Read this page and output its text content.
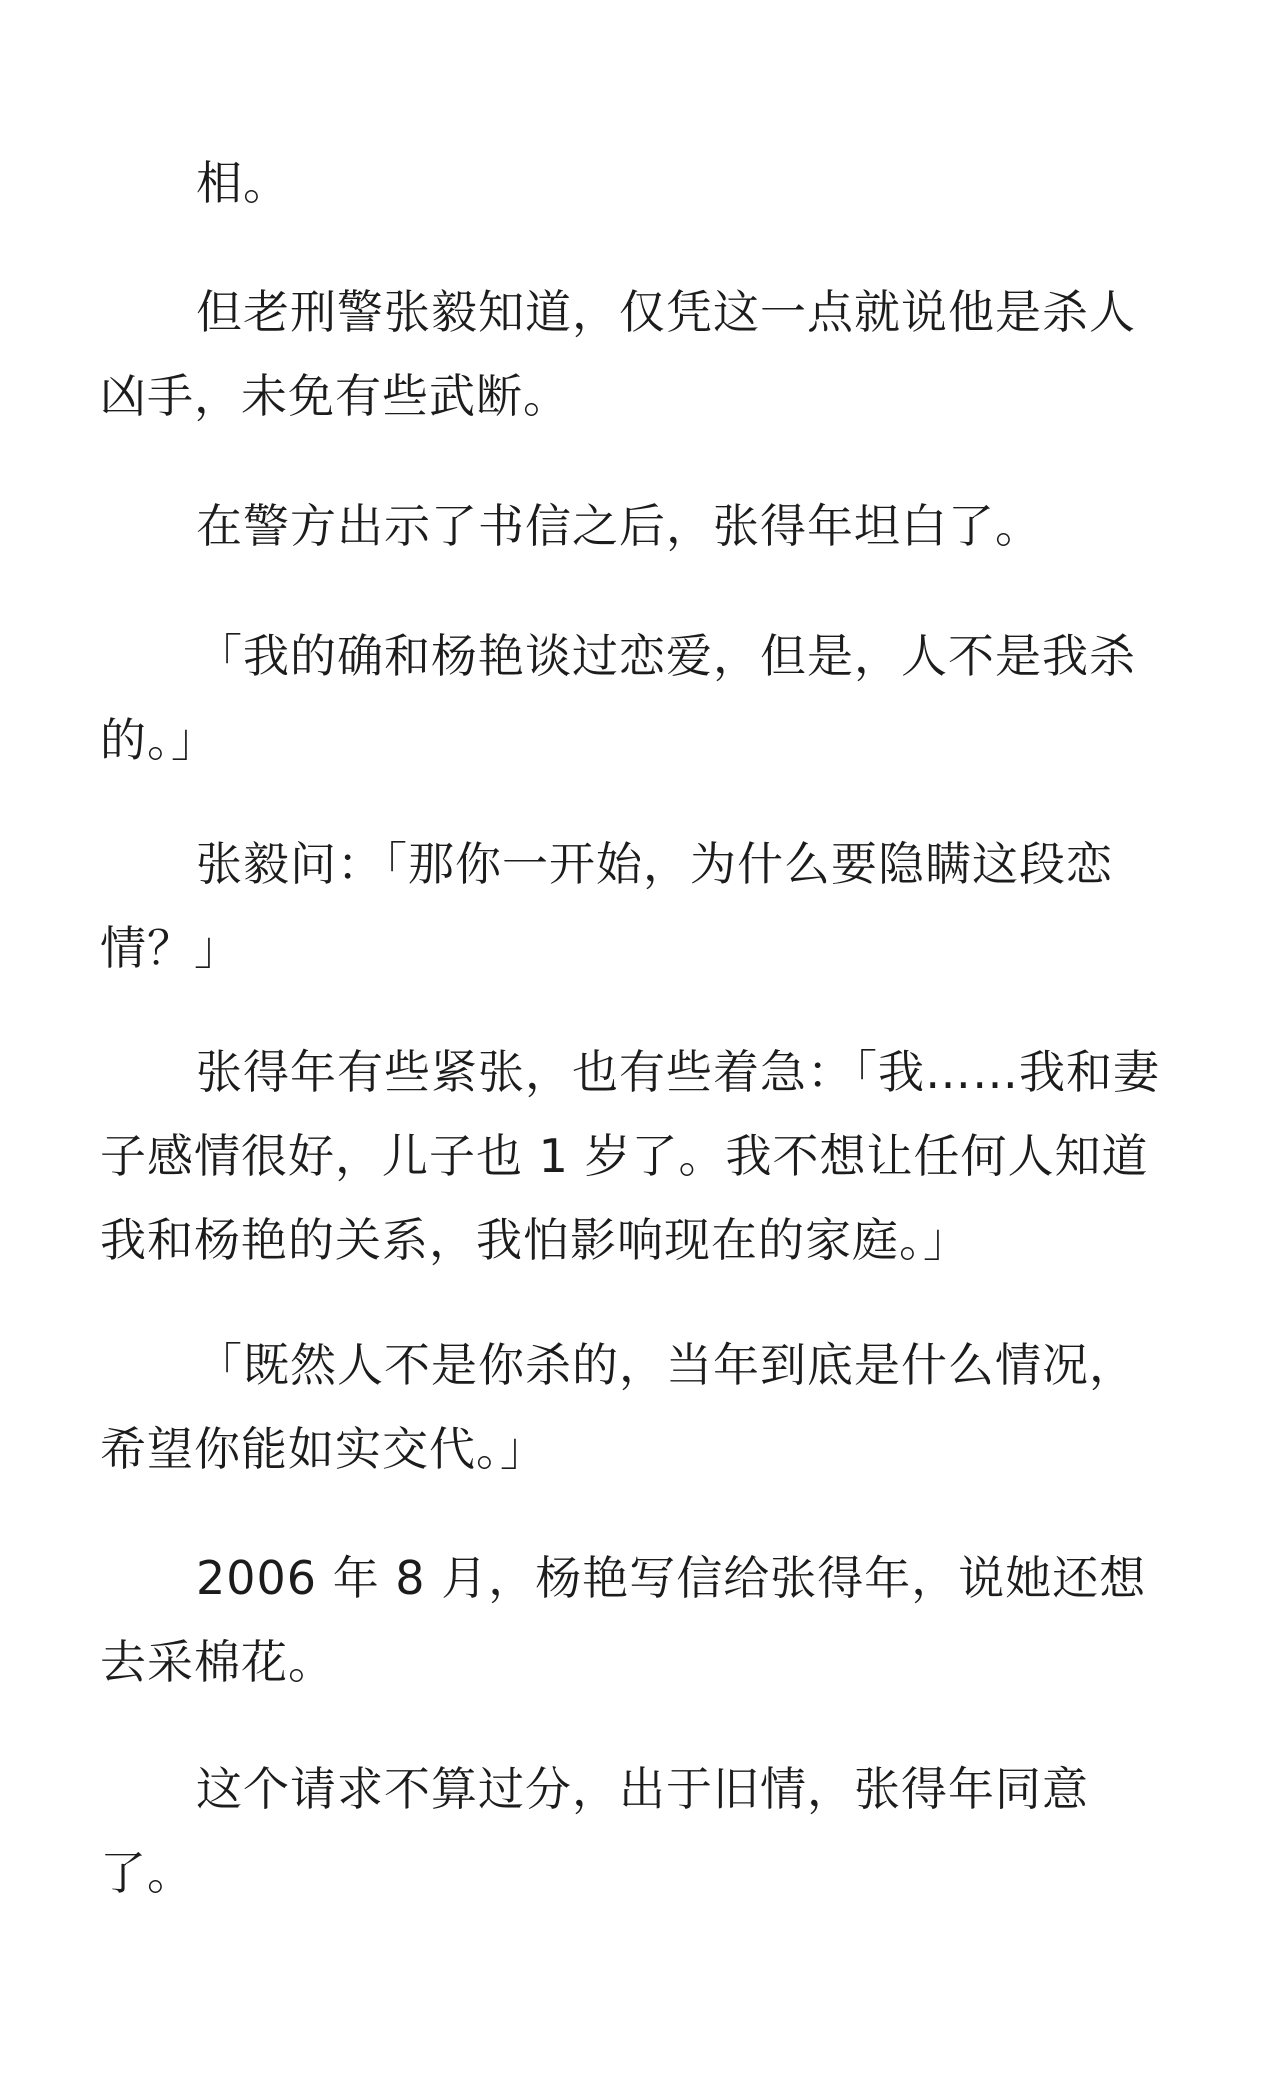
相。

但老刑警张毅知道，仅凭这一点就说他是杀人凶手，未免有些武断。

在警方出示了书信之后，张得年坦白了。

「我的确和杨艳谈过恋爱，但是，人不是我杀的。」

张毅问：「那你一开始，为什么要隐瞒这段恋情？」

张得年有些紧张，也有些着急：「我……我和妻子感情很好，儿子也 1 岁了。我不想让任何人知道我和杨艳的关系，我怕影响现在的家庭。」

「既然人不是你杀的，当年到底是什么情况，希望你能如实交代。」

2006 年 8 月，杨艳写信给张得年，说她还想去采棉花。

这个请求不算过分，出于旧情，张得年同意了。
